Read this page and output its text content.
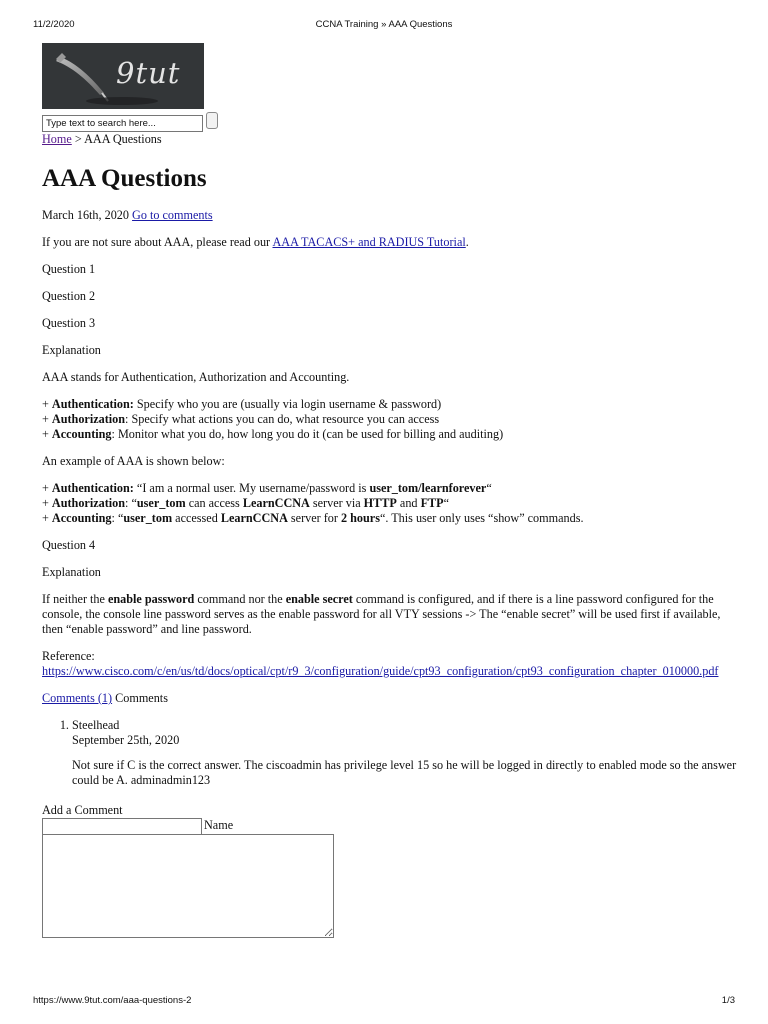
11/2/2020	CCNA Training » AAA Questions
9tut
Type text to search here...
Home > AAA Questions
AAA Questions

March 16th, 2020 Go to comments

If you are not sure about AAA, please read our AAA TACACS+ and RADIUS Tutorial.

Question 1

Question 2

Question 3

Explanation

AAA stands for Authentication, Authorization and Accounting.

+ Authentication: Specify who you are (usually via login username & password)
+ Authorization: Specify what actions you can do, what resource you can access
+ Accounting: Monitor what you do, how long you do it (can be used for billing and auditing)

An example of AAA is shown below:

+ Authentication: “I am a normal user. My username/password is user_tom/learnforever“
+ Authorization: “user_tom can access LearnCCNA server via HTTP and FTP“
+ Accounting: “user_tom accessed LearnCCNA server for 2 hours“. This user only uses “show” commands.

Question 4

Explanation

If neither the enable password command nor the enable secret command is configured, and if there is a line password configured for the console, the console line password serves as the enable password for all VTY sessions -> The “enable secret” will be used first if available, then “enable password” and line password.

Reference:
https://www.cisco.com/c/en/us/td/docs/optical/cpt/r9_3/configuration/guide/cpt93_configuration/cpt93_configuration_chapter_010000.pdf

Comments (1) Comments

1. Steelhead
September 25th, 2020
Not sure if C is the correct answer. The ciscoadmin has privilege level 15 so he will be logged in directly to enabled mode so the answer could be A. adminadmin123
Add a Comment
Name
https://www.9tut.com/aaa-questions-2	1/3
